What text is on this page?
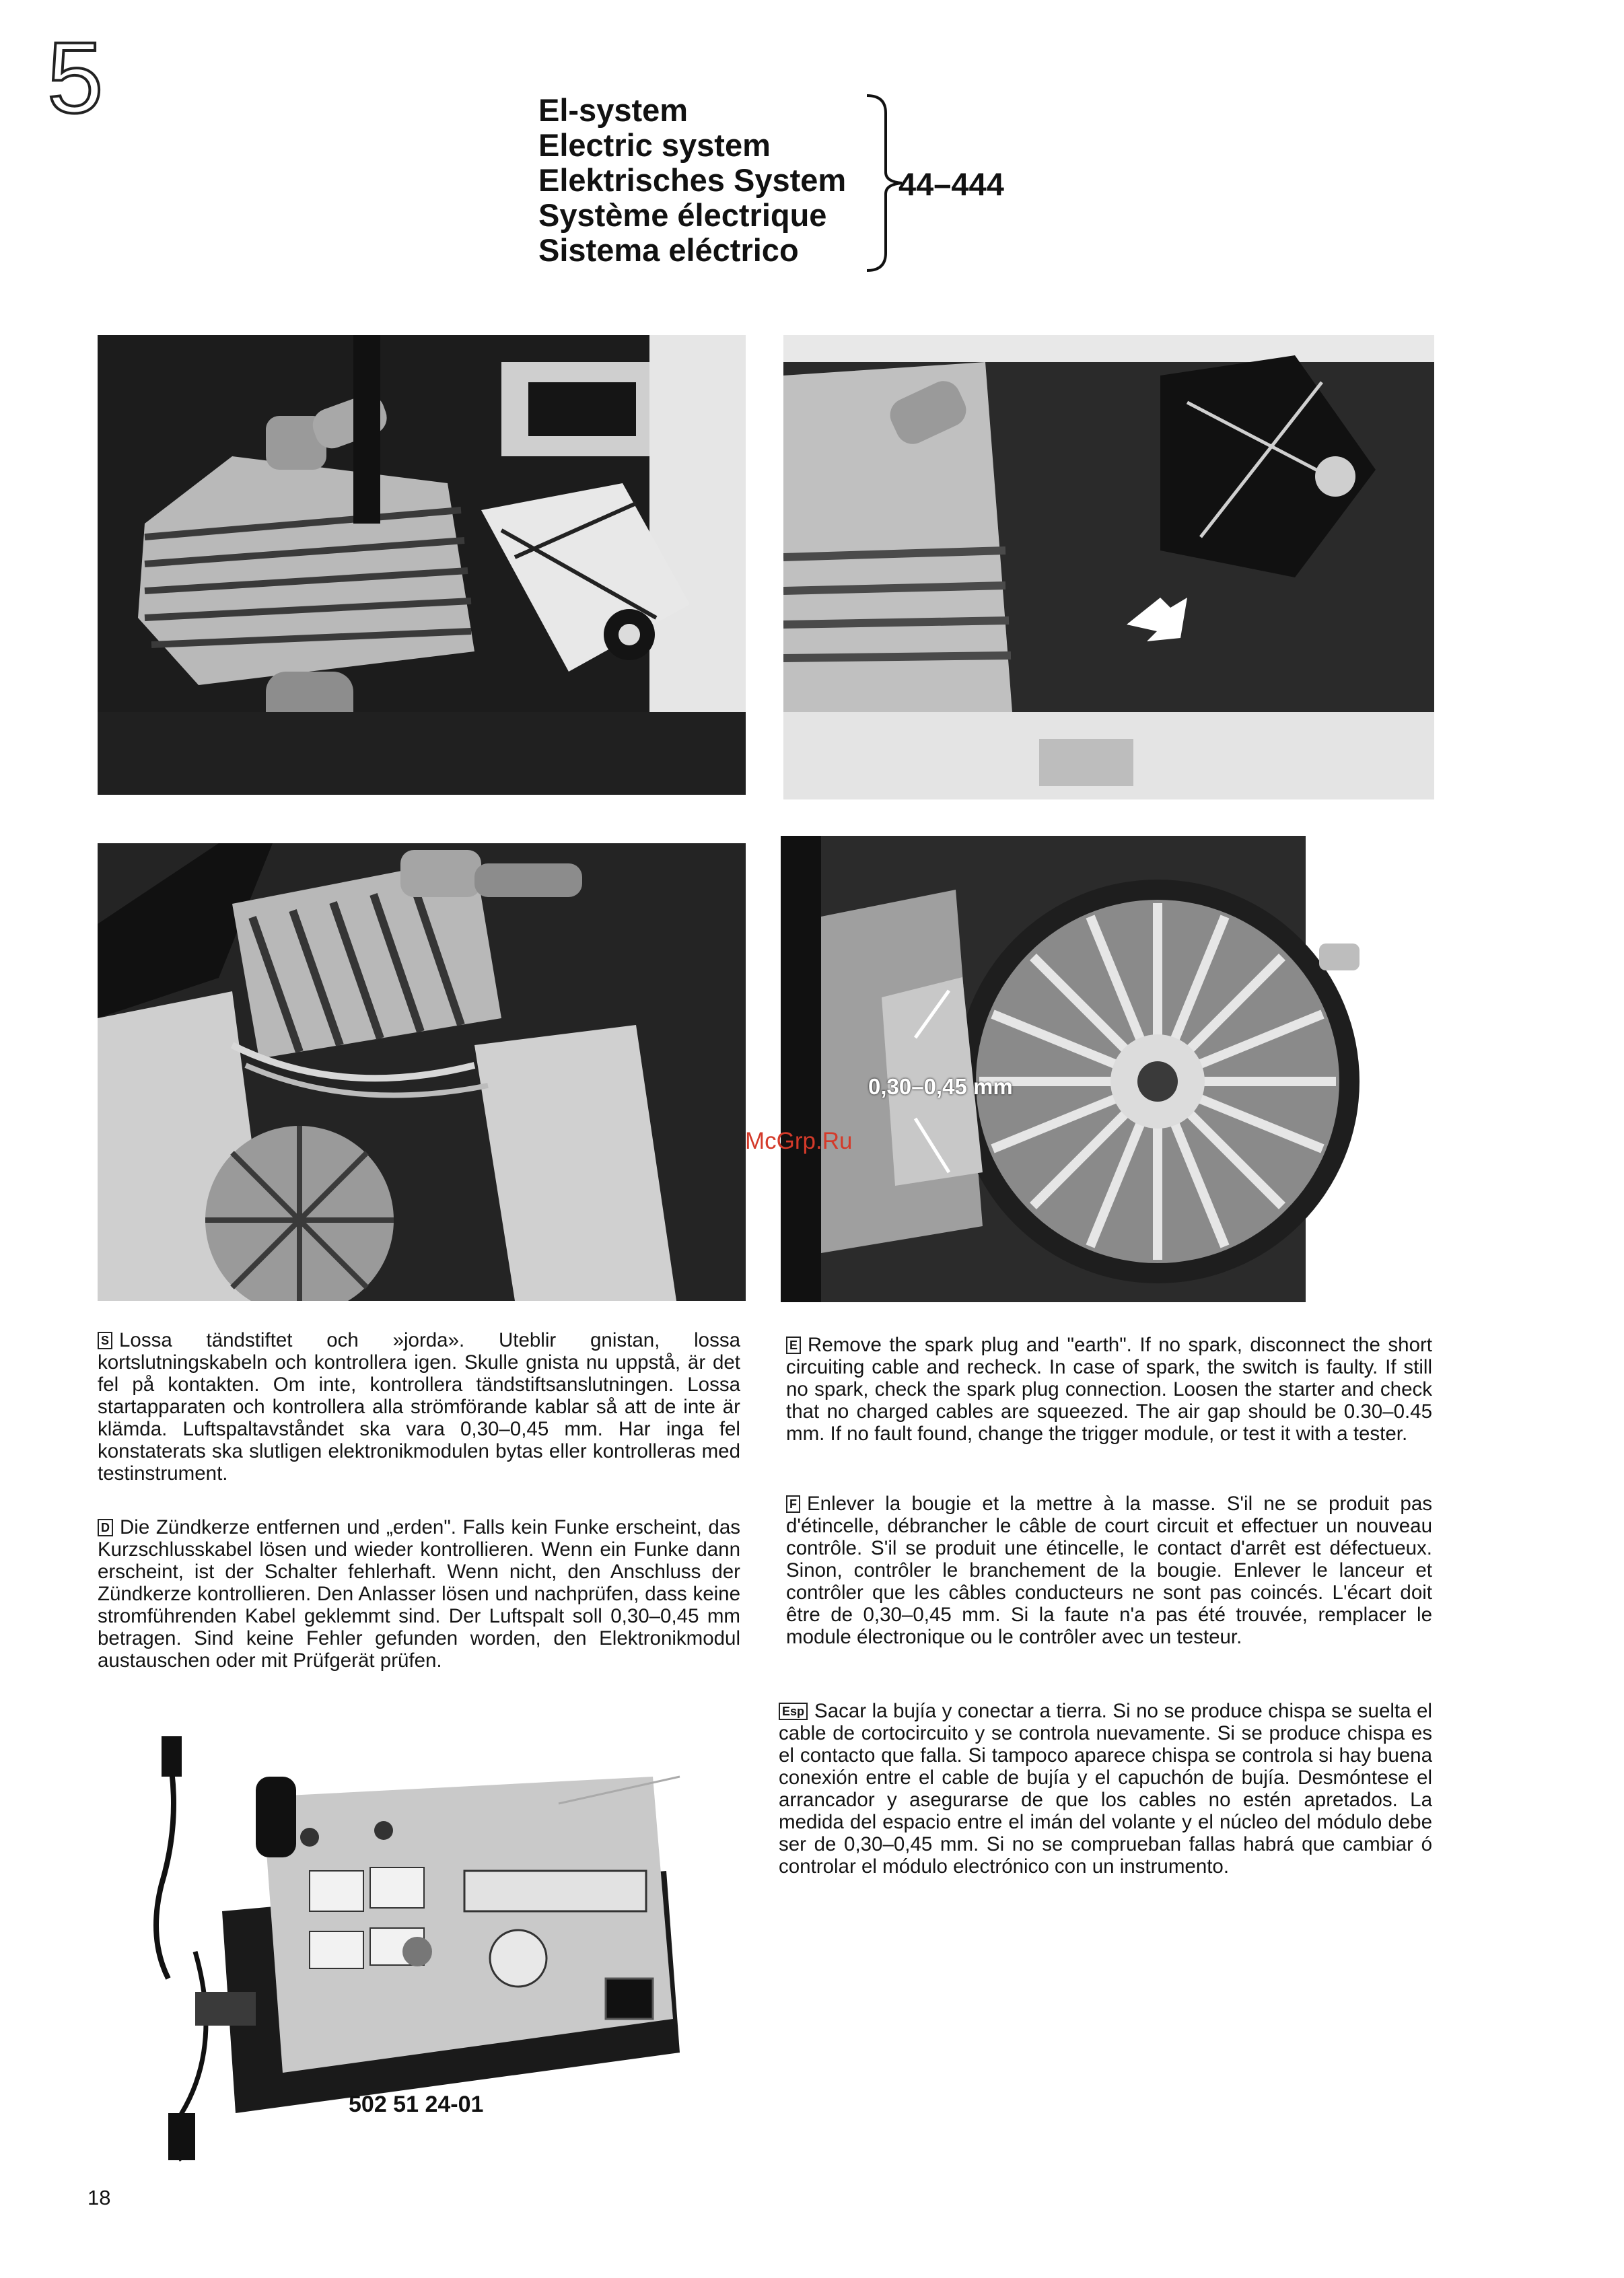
5	El-system

Electric system

Elektrisches System

Système électrique

Sistema eléctrico

44–444
0,30–0,45 mm
McGrp.Ru

S Lossa tändstiftet och »jorda». Uteblir gnistan, lossa kortslutningskabeln och kontrollera igen. Skulle gnista nu uppstå, är det fel på kontakten. Om inte, kontrollera tändstiftsanslutningen. Lossa startapparaten och kontrollera alla strömförande kablar så att de inte är klämda. Luftspaltavståndet ska vara 0,30–0,45 mm. Har inga fel konstaterats ska slutligen elektronikmodulen bytas eller kontrolleras med testinstrument.

D Die Zündkerze entfernen und „erden". Falls kein Funke erscheint, das Kurzschlusskabel lösen und wieder kontrollieren. Wenn ein Funke dann erscheint, ist der Schalter fehlerhaft. Wenn nicht, den Anschluss der Zündkerze kontrollieren. Den Anlasser lösen und nachprüfen, dass keine stromführenden Kabel geklemmt sind. Der Luftspalt soll 0,30–0,45 mm betragen. Sind keine Fehler gefunden worden, den Elektronikmodul austauschen oder mit Prüfgerät prüfen.

E Remove the spark plug and "earth". If no spark, disconnect the short circuiting cable and recheck. In case of spark, the switch is faulty. If still no spark, check the spark plug connection. Loosen the starter and check that no charged cables are squeezed. The air gap should be 0.30–0.45 mm. If no fault found, change the trigger module, or test it with a tester.

F Enlever la bougie et la mettre à la masse. S'il ne se produit pas d'étincelle, débrancher le câble de court circuit et effectuer un nouveau contrôle. S'il se produit une étincelle, le contact d'arrêt est défectueux. Sinon, contrôler le branchement de la bougie. Enlever le lanceur et contrôler que les câbles conducteurs ne sont pas coincés. L'écart doit être de 0,30–0,45 mm. Si la faute n'a pas été trouvée, remplacer le module électronique ou le contrôler avec un testeur.

Esp Sacar la bujía y conectar a tierra. Si no se produce chispa se suelta el cable de cortocircuito y se controla nuevamente. Si se produce chispa es el contacto que falla. Si tampoco aparece chispa se controla si hay buena conexión entre el cable de bujía y el capuchón de bujía. Desmóntese el arrancador y asegurarse de que los cables no estén apretados. La medida del espacio entre el imán del volante y el núcleo del módulo debe ser de 0,30–0,45 mm. Si no se comprueban fallas habrá que cambiar ó controlar el módulo electrónico con un instrumento.

502 51 24-01
18
